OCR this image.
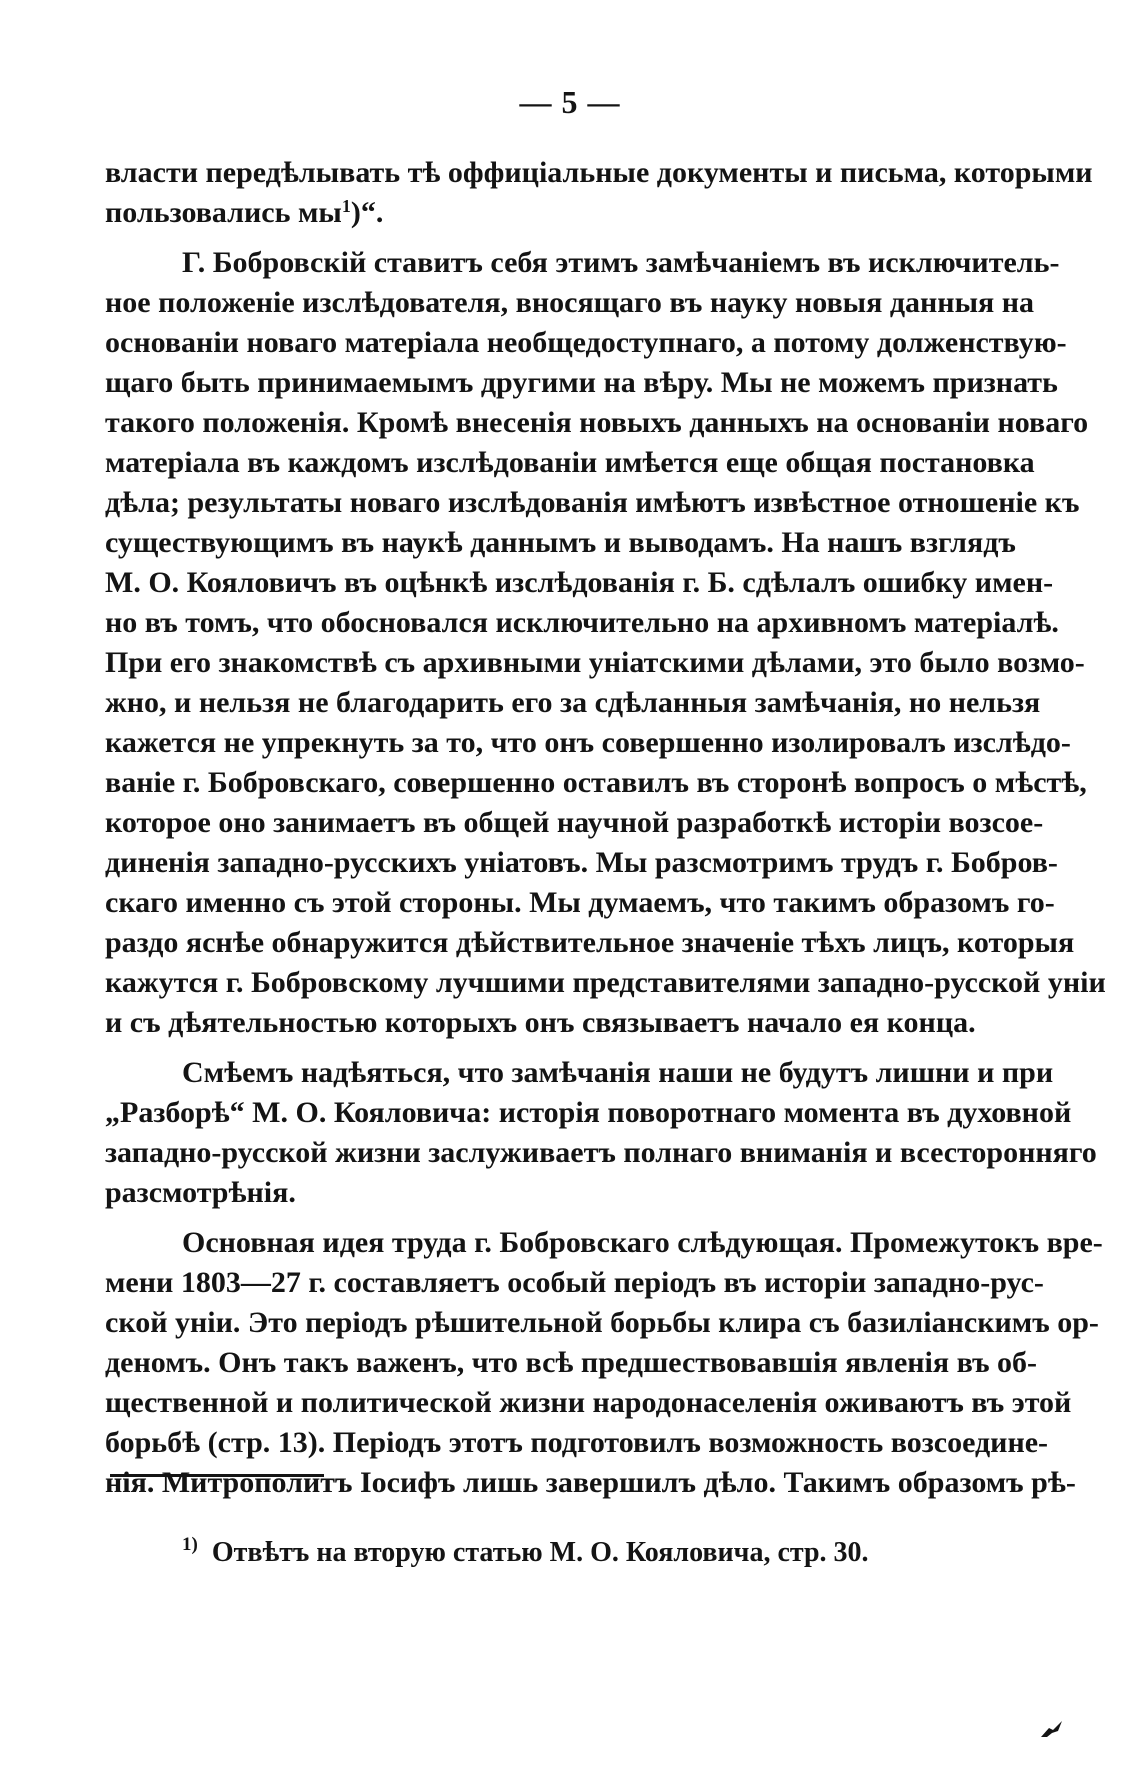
— 5 —
власти передѣлывать тѣ оффиціальные документы и письма, которыми
пользовались $мы^1)“$.
Г. Бобровскій ставитъ себя этимъ замѣчаніемъ въ исключитель-
ное положеніе изслѣдователя, вносящаго въ науку новыя данныя на
основаніи новаго матеріала необщедоступнаго, а потому долженствую-
щаго быть принимаемымъ другими на вѣру. Мы не можемъ признать
такого положенія. Кромѣ внесенія новыхъ данныхъ на основаніи новаго
матеріала въ каждомъ изслѣдованіи имѣется еще общая постановка
дѣла; результаты новаго изслѣдованія имѣютъ извѣстное отношеніе къ
существующимъ въ наукѣ даннымъ и выводамъ. На нашъ взглядъ
М. О. Кояловичъ въ оцѣнкѣ изслѣдованія г. Б. сдѣлалъ ошибку имен-
но въ томъ, что обосновался исключительно на архивномъ матеріалѣ.
При его знакомствѣ съ архивными уніатскими дѣлами, это было возмо-
жно, и нельзя не благодарить его за сдѣланныя замѣчанія, но нельзя
кажется не упрекнуть за то, что онъ совершенно изолировалъ изслѣдо-
ваніе г. Бобровскаго, совершенно оставилъ въ сторонѣ вопросъ о мѣстѣ,
которое оно занимаетъ въ общей научной разработкѣ исторіи возсое-
диненія западно-русскихъ уніатовъ. Мы разсмотримъ трудъ г. Бобров-
скаго именно съ этой стороны. Мы думаемъ, что такимъ образомъ го-
раздо яснѣе обнаружится дѣйствительное значеніе тѣхъ лицъ, которыя
кажутся г. Бобровскому лучшими представителями западно-русской уніи
и съ дѣятельностью которыхъ онъ связываетъ начало ея конца.
Смѣемъ надѣяться, что замѣчанія наши не будутъ лишни и при
„Разборѣ“ М. О. Кояловича: исторія поворотнаго момента въ духовной
западно-русской жизни заслуживаетъ полнаго вниманія и всесторонняго
разсмотрѣнія.
Основная идея труда г. Бобровскаго слѣдующая. Промежутокъ вре-
мени 1803—27 г. составляетъ особый періодъ въ исторіи западно-рус-
ской уніи. Это періодъ рѣшительной борьбы клира съ базиліанскимъ ор-
деномъ. Онъ такъ важенъ, что всѣ предшествовавшія явленія въ об-
щественной и политической жизни народонаселенія оживаютъ въ этой
борьбѣ (стр. 13). Періодъ этотъ подготовилъ возможность возсоедине-
нія. Митрополитъ Іосифъ лишь завершилъ дѣло. Такимъ образомъ рѣ-
1) Отвѣтъ на вторую статью М. О. Кояловича, стр. 30.
